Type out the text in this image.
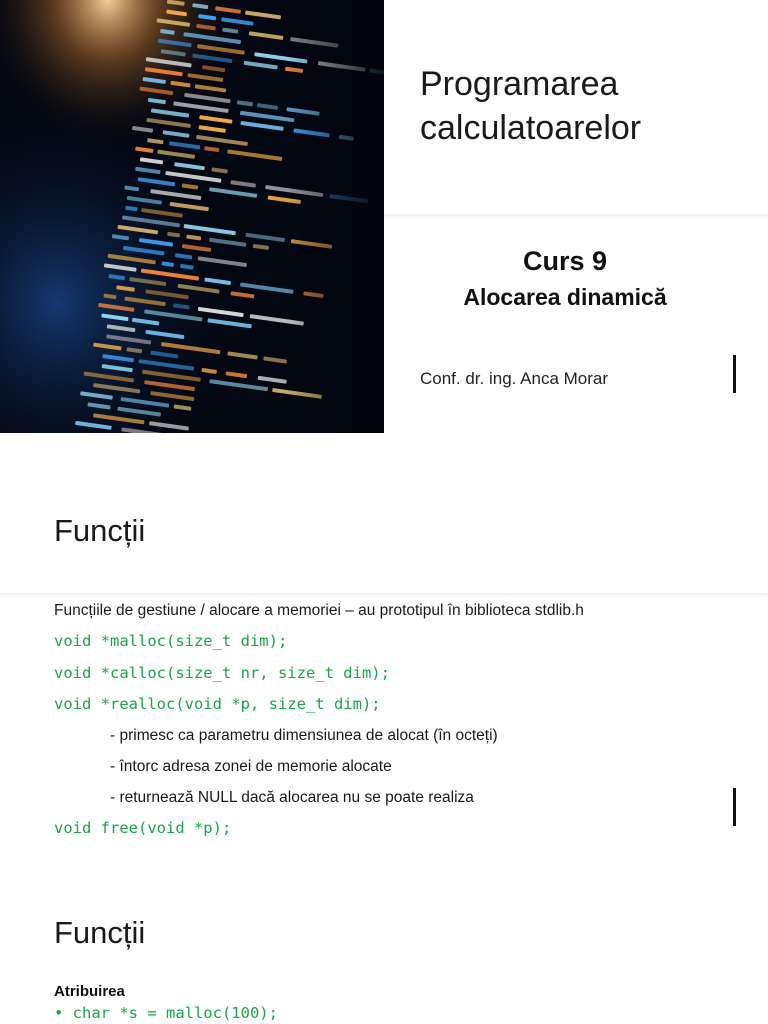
Programarea
calculatoarelor
Curs 9
Alocarea dinamică
Conf. dr. ing. Anca Morar
Funcții
Funcțiile de gestiune / alocare a memoriei – au prototipul în biblioteca stdlib.h
void *malloc(size_t dim);
void *calloc(size_t nr, size_t dim);
void *realloc(void *p, size_t dim);
- primesc ca parametru dimensiunea de alocat (în octeți)
- întorc adresa zonei de memorie alocate
- returnează NULL dacă alocarea nu se poate realiza
void free(void *p);
Funcții
Atribuirea
• char *s = malloc(100);
